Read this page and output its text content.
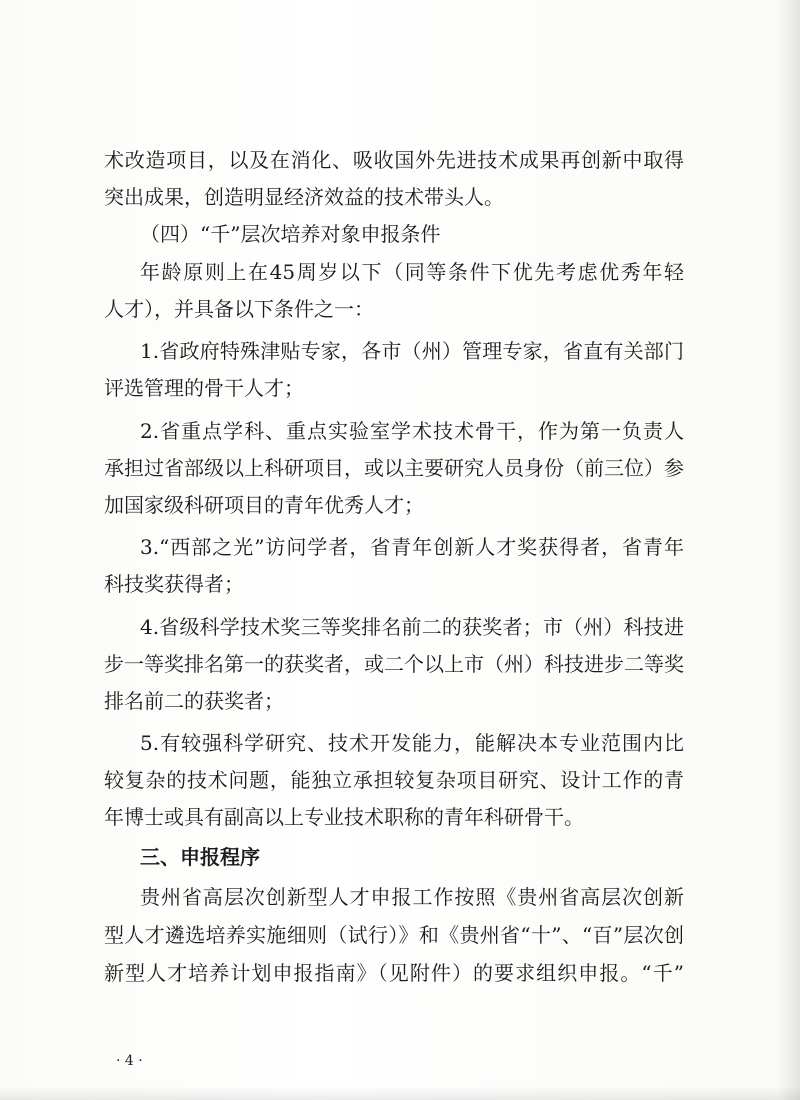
术改造项目，以及在消化、吸收国外先进技术成果再创新中取得
突出成果，创造明显经济效益的技术带头人。
（四）“千”层次培养对象申报条件
年龄原则上在45周岁以下（同等条件下优先考虑优秀年轻
人才），并具备以下条件之一：
1.省政府特殊津贴专家，各市（州）管理专家，省直有关部门
评选管理的骨干人才；
2.省重点学科、重点实验室学术技术骨干，作为第一负责人
承担过省部级以上科研项目，或以主要研究人员身份（前三位）参
加国家级科研项目的青年优秀人才；
3.“西部之光”访问学者，省青年创新人才奖获得者，省青年
科技奖获得者；
4.省级科学技术奖三等奖排名前二的获奖者；市（州）科技进
步一等奖排名第一的获奖者，或二个以上市（州）科技进步二等奖
排名前二的获奖者；
5.有较强科学研究、技术开发能力，能解决本专业范围内比
较复杂的技术问题，能独立承担较复杂项目研究、设计工作的青
年博士或具有副高以上专业技术职称的青年科研骨干。
三、申报程序
贵州省高层次创新型人才申报工作按照《贵州省高层次创新
型人才遴选培养实施细则（试行）》和《贵州省“十”、“百”层次创
新型人才培养计划申报指南》（见附件）的要求组织申报。“千”
· 4 ·
